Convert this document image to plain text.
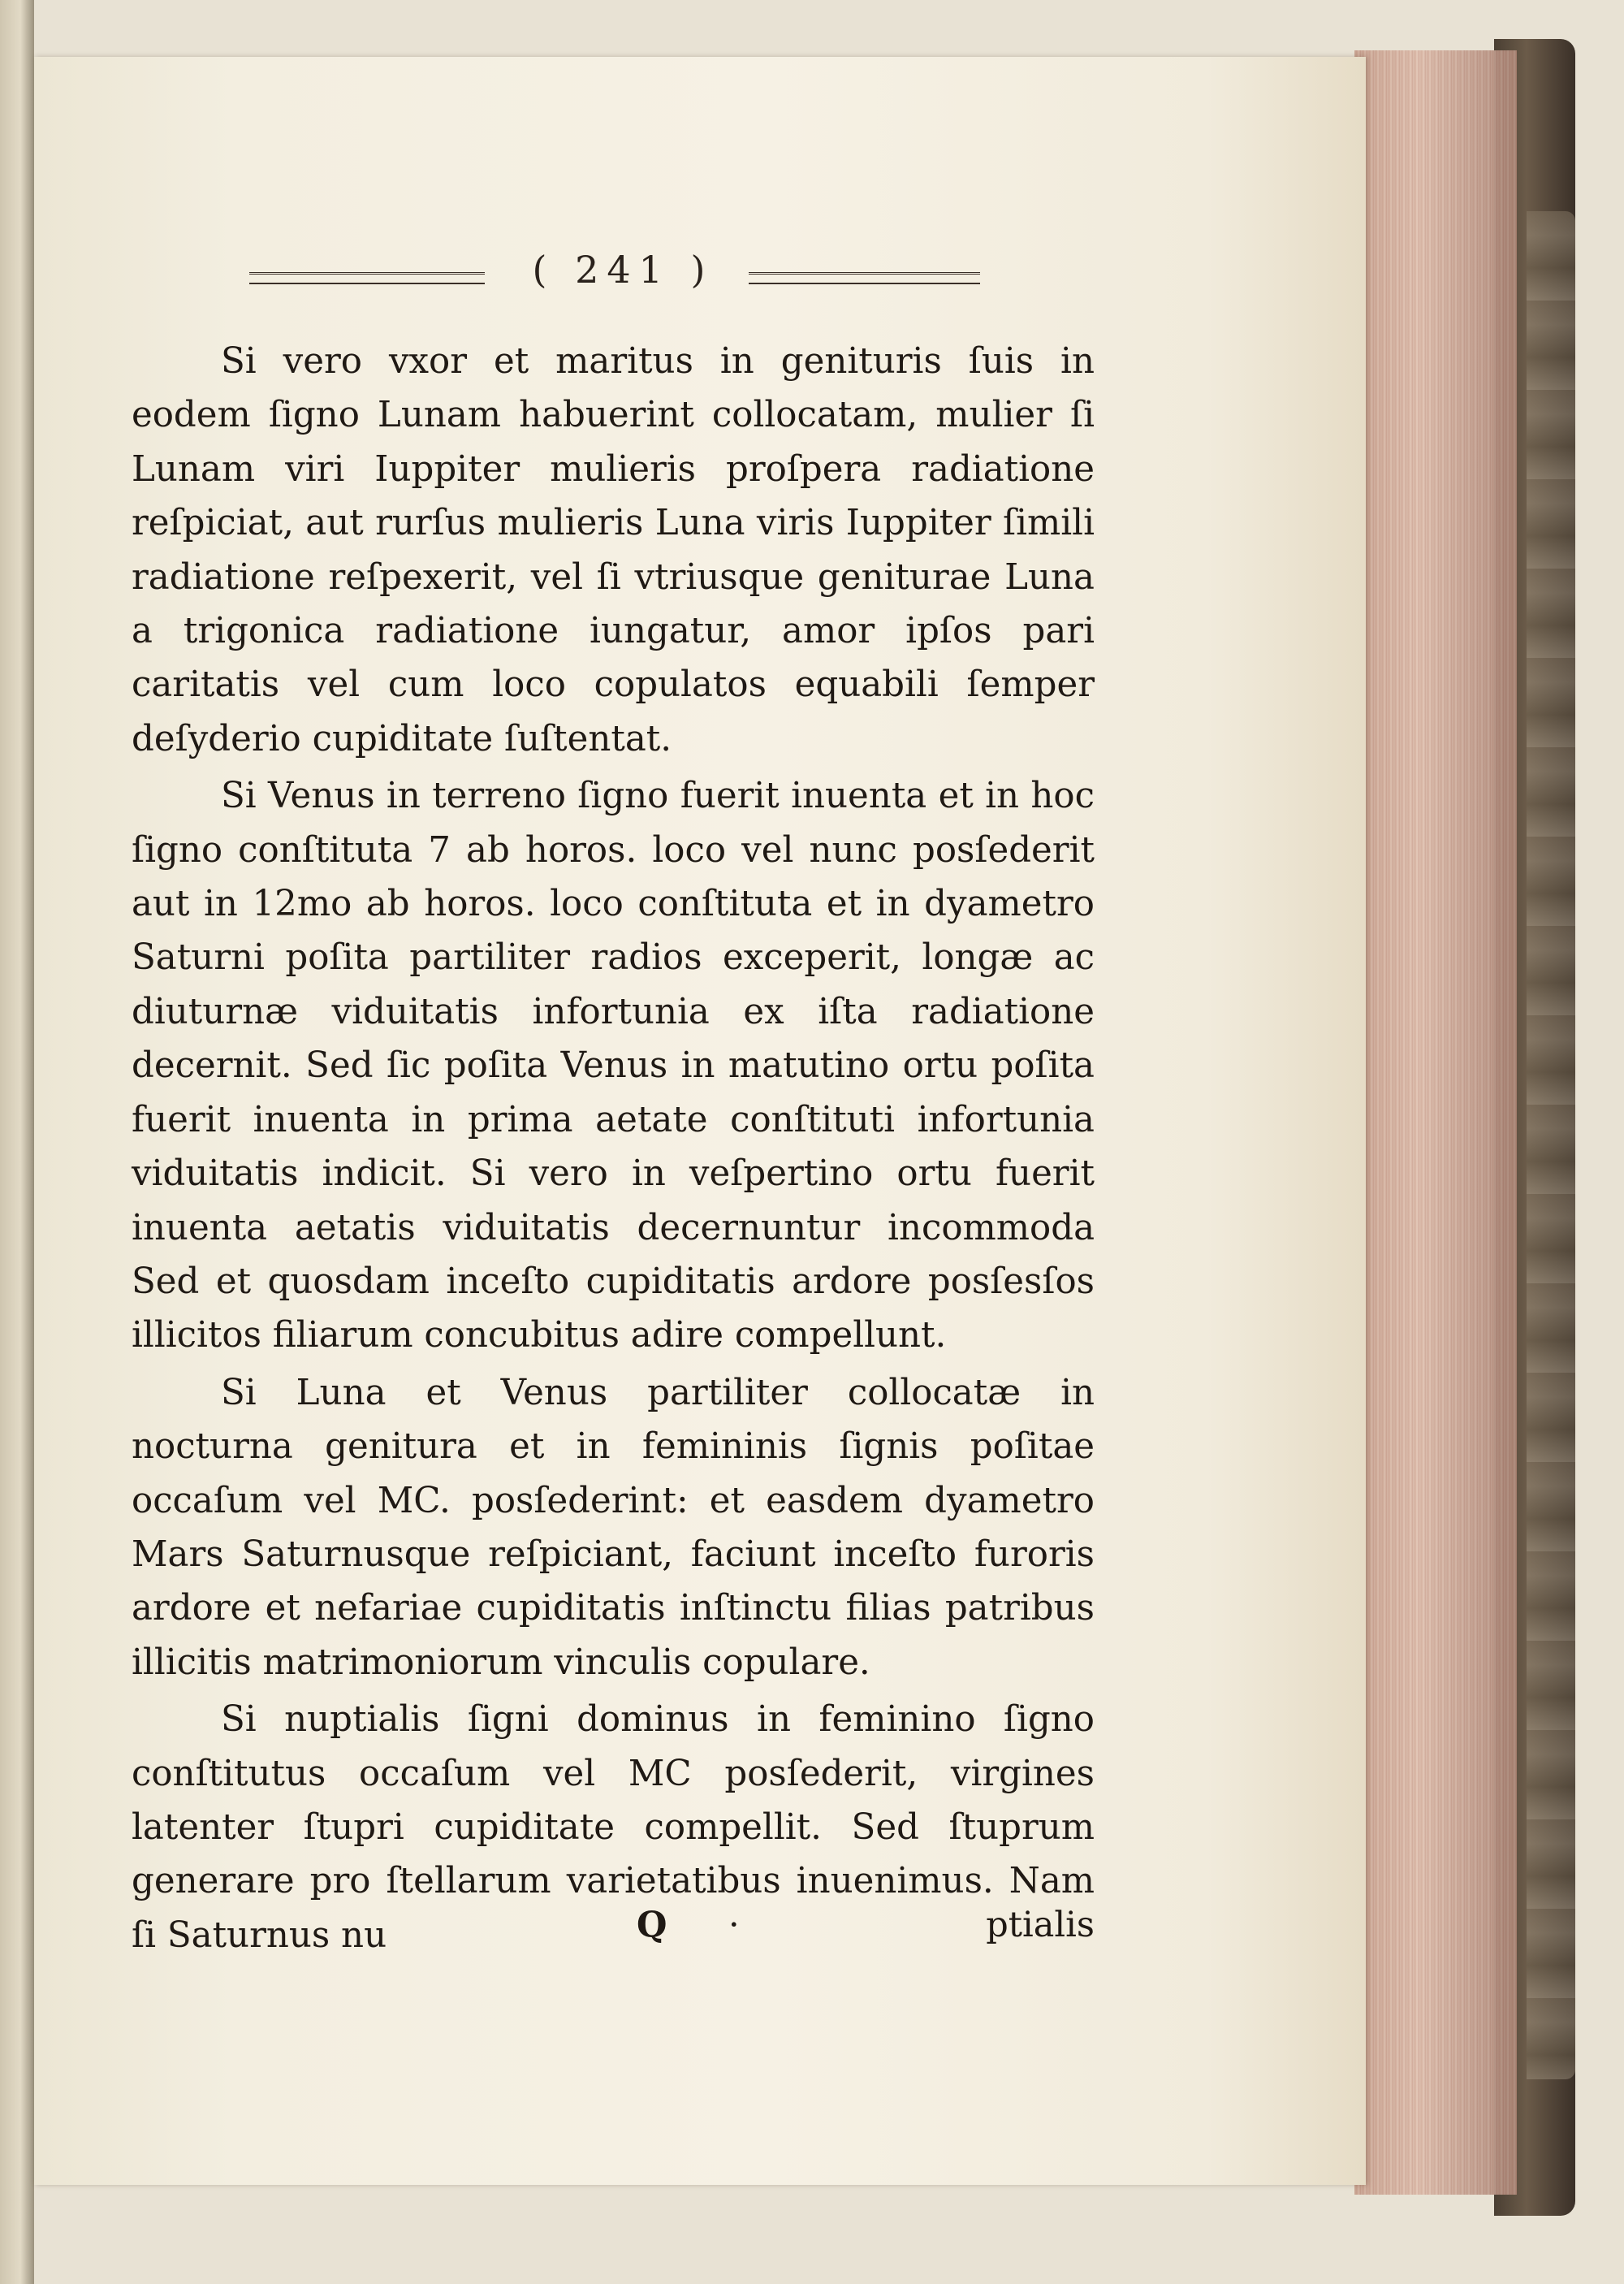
( 241 )

Si vero vxor et maritus in genituris ſuis in eodem ſigno Lunam habuerint collocatam, mulier ſi Lunam viri Iuppiter mulieris proſpera radiatione reſpiciat, aut rurſus mulieris Luna viris Iuppiter ſimili radiatione reſpexerit, vel ſi vtriusque geniturae Luna a trigonica radiatione iungatur, amor ipſos pari caritatis vel cum loco copulatos equabili ſemper deſyderio cupiditate ſuſtentat.

Si Venus in terreno ſigno fuerit inuenta et in hoc ſigno conſtituta 7 ab horos. loco vel nunc posſederit aut in 12mo ab horos. loco conſtituta et in dyametro Saturni poſita partiliter radios exceperit, longæ ac diuturnæ viduitatis infortunia ex iſta radiatione decernit. Sed ſic poſita Venus in matutino ortu poſita fuerit inuenta in prima aetate conſtituti infortunia viduitatis indicit. Si vero in veſpertino ortu fuerit inuenta aetatis viduitatis decernuntur incommoda Sed et quosdam inceſto cupiditatis ardore posſesſos illicitos filiarum concubitus adire compellunt.

Si Luna et Venus partiliter collocatæ in nocturna genitura et in femininis ſignis poſitae occaſum vel MC. posſederint: et easdem dyametro Mars Saturnusque reſpiciant, faciunt inceſto furoris ardore et nefariae cupiditatis inſtinctu filias patribus illicitis matrimoniorum vinculis copulare.

Si nuptialis ſigni dominus in feminino ſigno conſtitutus occaſum vel MC posſederit, virgines latenter ſtupri cupiditate compellit. Sed ſtuprum generare pro ſtellarum varietatibus inuenimus. Nam ſi Saturnus nu	Q ·	ptialis
